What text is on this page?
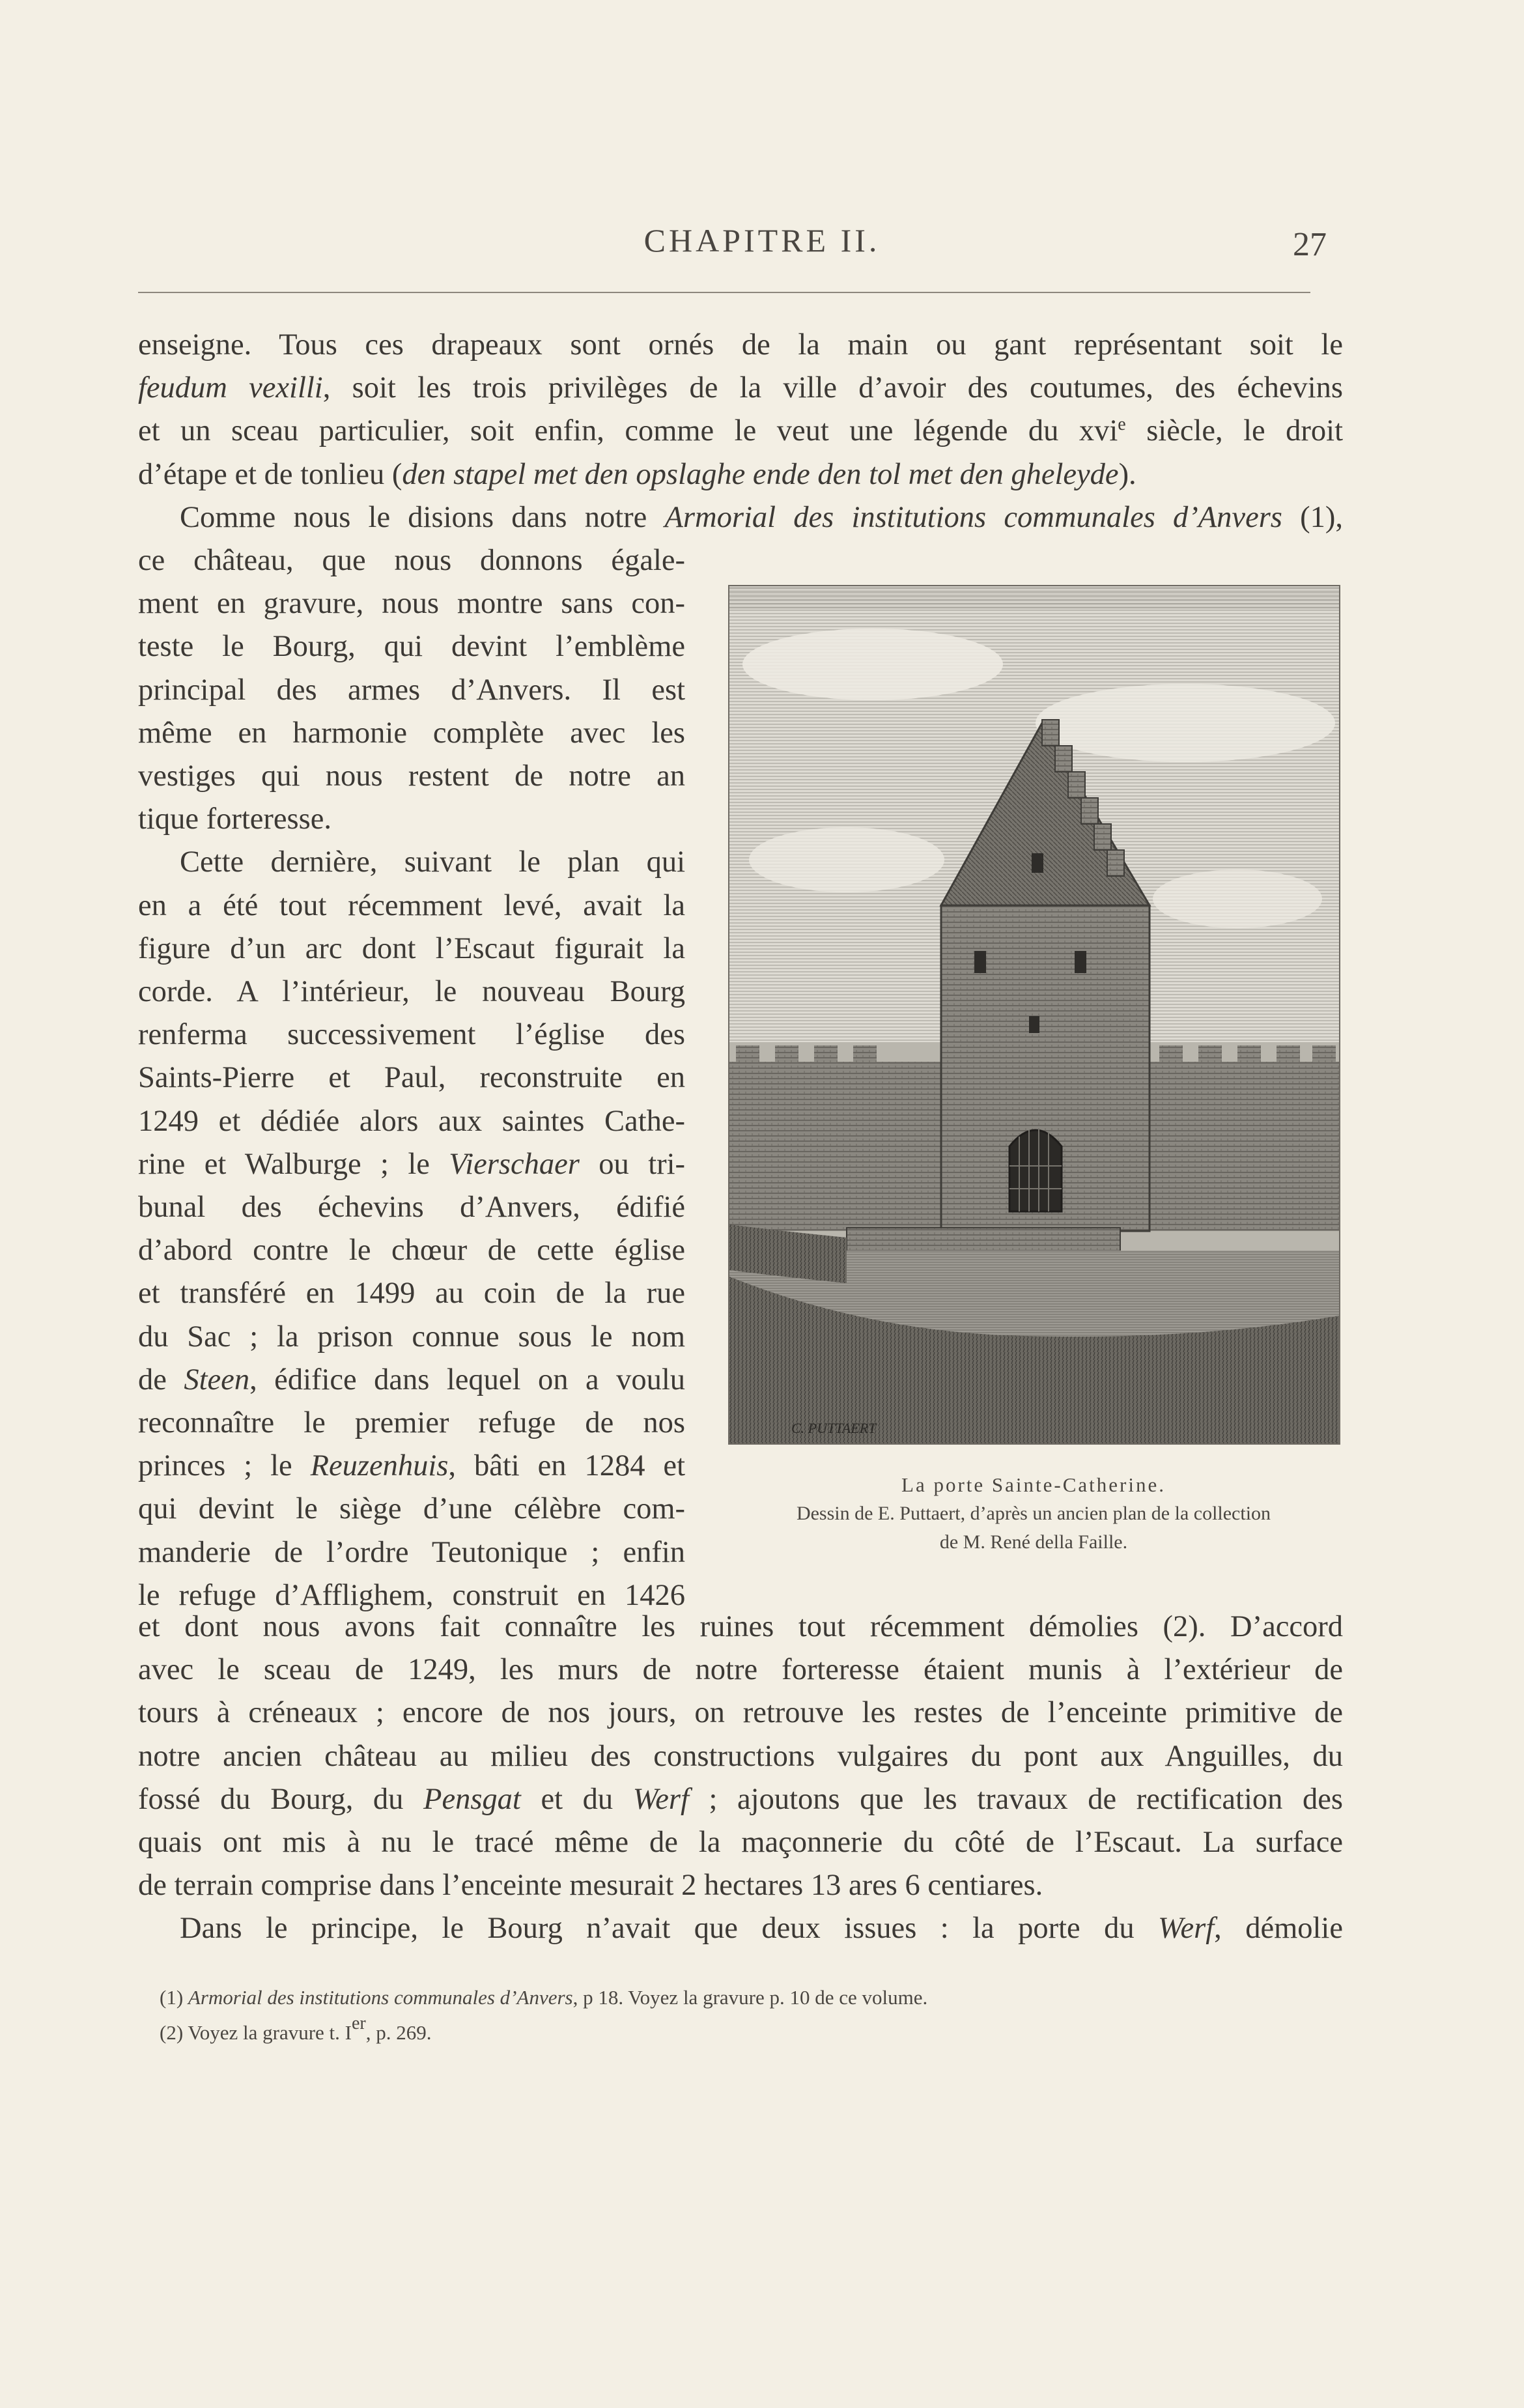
CHAPITRE II.	27
enseigne. Tous ces drapeaux sont ornés de la main ou gant représentant soit le
feudum vexilli, soit les trois privilèges de la ville d’avoir des coutumes, des échevins
et un sceau particulier, soit enfin, comme le veut une légende du xvi$^e$ siècle, le droit
d’étape et de tonlieu (den stapel met den opslaghe ende den tol met den gheleyde).
Comme nous le disions dans notre Armorial des institutions communales d’Anvers (1),
ce château, que nous donnons égale-
ment en gravure, nous montre sans con-
teste le Bourg, qui devint l’emblème
principal des armes d’Anvers. Il est
même en harmonie complète avec les
vestiges qui nous restent de notre an
tique forteresse.
Cette dernière, suivant le plan qui
en a été tout récemment levé, avait la
figure d’un arc dont l’Escaut figurait la
corde. A l’intérieur, le nouveau Bourg
renferma successivement l’église des
Saints-Pierre et Paul, reconstruite en
1249 et dédiée alors aux saintes Cathe-
rine et Walburge ; le Vierschaer ou tri-
bunal des échevins d’Anvers, édifié
d’abord contre le chœur de cette église
et transféré en 1499 au coin de la rue
du Sac ; la prison connue sous le nom
de Steen, édifice dans lequel on a voulu
reconnaître le premier refuge de nos
princes ; le Reuzenhuis, bâti en 1284 et
qui devint le siège d’une célèbre com-
manderie de l’ordre Teutonique ; enfin
le refuge d’Afflighem, construit en 1426
et dont nous avons fait connaître les ruines tout récemment démolies (2). D’accord
avec le sceau de 1249, les murs de notre forteresse étaient munis à l’extérieur de
tours à créneaux ; encore de nos jours, on retrouve les restes de l’enceinte primitive de
notre ancien château au milieu des constructions vulgaires du pont aux Anguilles, du
fossé du Bourg, du Pensgat et du Werf ; ajoutons que les travaux de rectification des
quais ont mis à nu le tracé même de la maçonnerie du côté de l’Escaut. La surface
de terrain comprise dans l’enceinte mesurait 2 hectares 13 ares 6 centiares.
Dans le principe, le Bourg n’avait que deux issues : la porte du Werf, démolie
C. PUTTAERT
La porte Sainte-Catherine.
Dessin de E. Puttaert, d’après un ancien plan de la collection
de M. René della Faille.
(1) Armorial des institutions communales d’Anvers, p 18. Voyez la gravure p. 10 de ce volume.
(2) Voyez la gravure t. Ier, p. 269.
